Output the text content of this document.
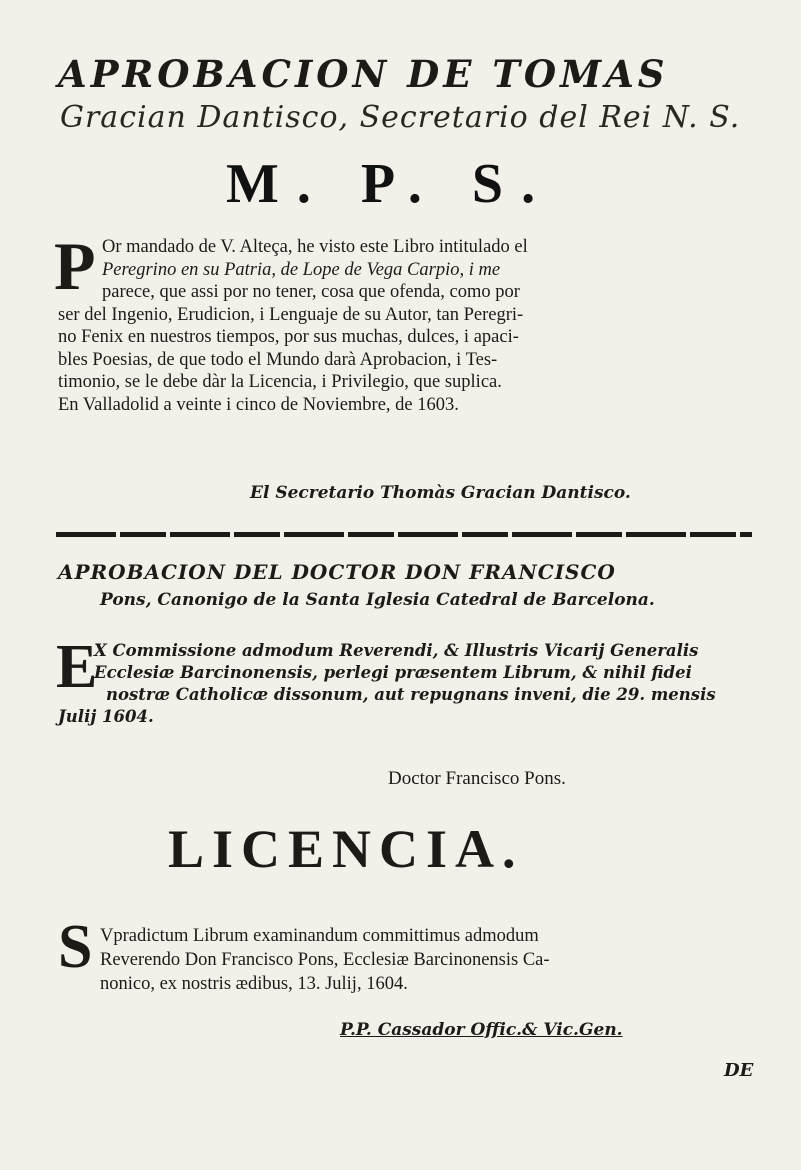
APROBACION DE TOMAS
Gracian Dantisco, Secretario del Rei N. S.
M. P. S.
P Or mandado de V. Alteça, he visto este Libro intitulado el
Peregrino en su Patria, de Lope de Vega Carpio, i me
parece, que assi por no tener, cosa que ofenda, como por
ser del Ingenio, Erudicion, i Lenguaje de su Autor, tan Peregri-
no Fenix en nuestros tiempos, por sus muchas, dulces, i apaci-
bles Poesias, de que todo el Mundo darà Aprobacion, i Tes-
timonio, se le debe dàr la Licencia, i Privilegio, que suplica.
En Valladolid a veinte i cinco de Noviembre, de 1603.
El Secretario Thomàs Gracian Dantisco.
APROBACION DEL DOCTOR DON FRANCISCO
Pons, Canonigo de la Santa Iglesia Catedral de Barcelona.
E
X Commissione admodum Reverendi, & Illustris Vicarij Generalis
Ecclesiæ Barcinonensis, perlegi præsentem Librum, & nihil fidei
nostræ Catholicæ dissonum, aut repugnans inveni, die 29. mensis
Julij 1604.
Doctor Francisco Pons.
LICENCIA.
S Vpradictum Librum examinandum committimus admodum
Reverendo Don Francisco Pons, Ecclesiæ Barcinonensis Ca-
nonico, ex nostris ædibus, 13. Julij, 1604.
P.P. Cassador Offic.& Vic.Gen.
DE
